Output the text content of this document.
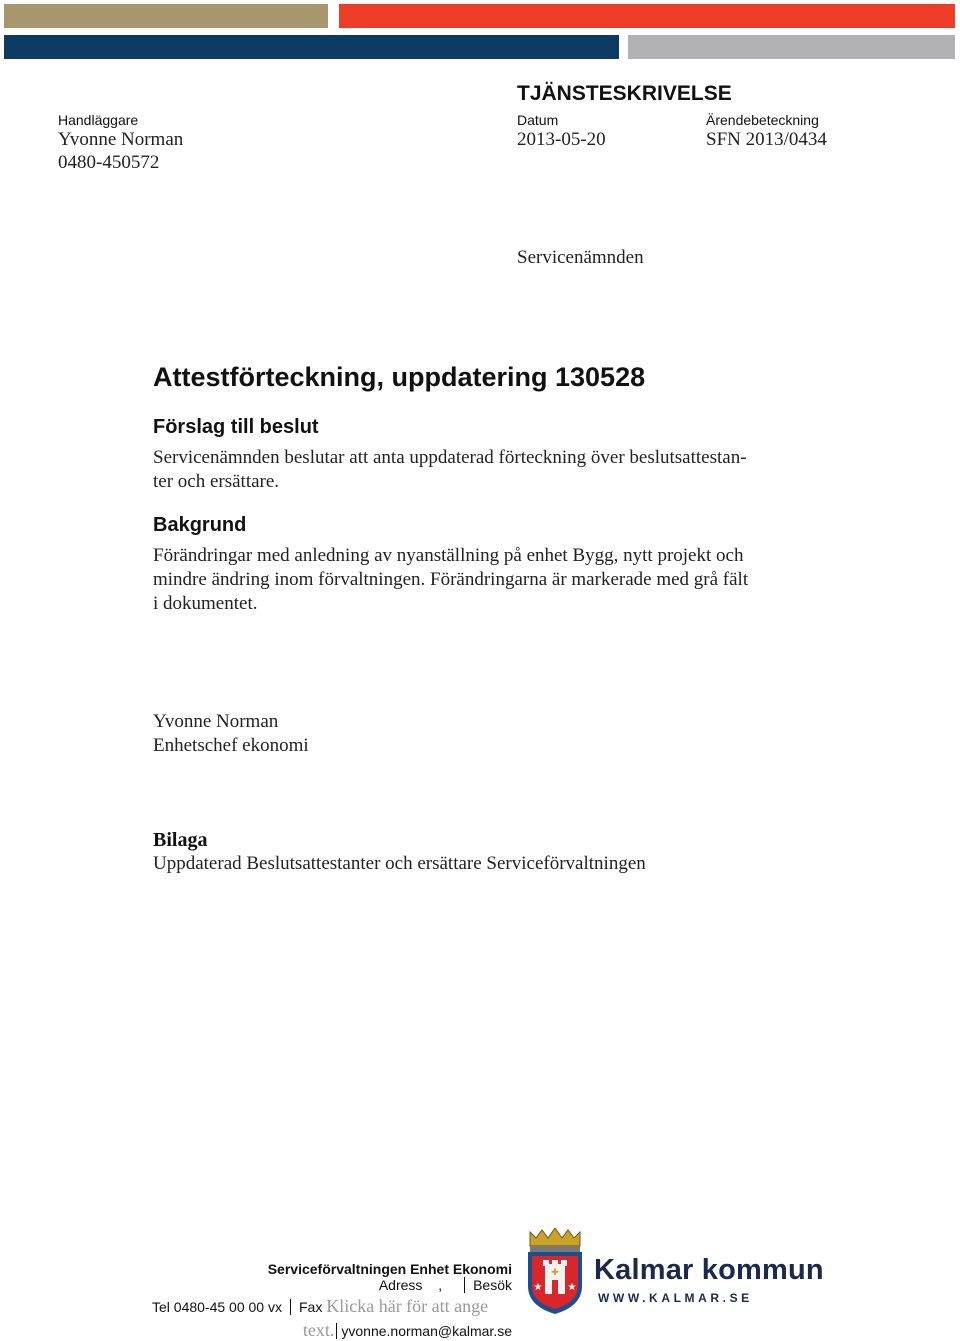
TJÄNSTESKRIVELSE
Handläggare
Yvonne Norman
0480-450572
Datum
2013-05-20
Ärendebeteckning
SFN 2013/0434
Servicenämnden
Attestförteckning, uppdatering 130528
Förslag till beslut
Servicenämnden beslutar att anta uppdaterad förteckning över beslutsattestan-
ter och ersättare.
Bakgrund
Förändringar med anledning av nyanställning på enhet Bygg, nytt projekt och
mindre ändring inom förvaltningen. Förändringarna är markerade med grå fält
i dokumentet.
Yvonne Norman
Enhetschef ekonomi
Bilaga
Uppdaterad Beslutsattestanter och ersättare Serviceförvaltningen
Serviceförvaltningen Enhet Ekonomi
Adress , Besök
Tel 0480-45 00 00 vx Fax Klicka här för att ange
text. yvonne.norman@kalmar.se
★	★
✚ Kalmar kommun
WWW.KALMAR.SE
